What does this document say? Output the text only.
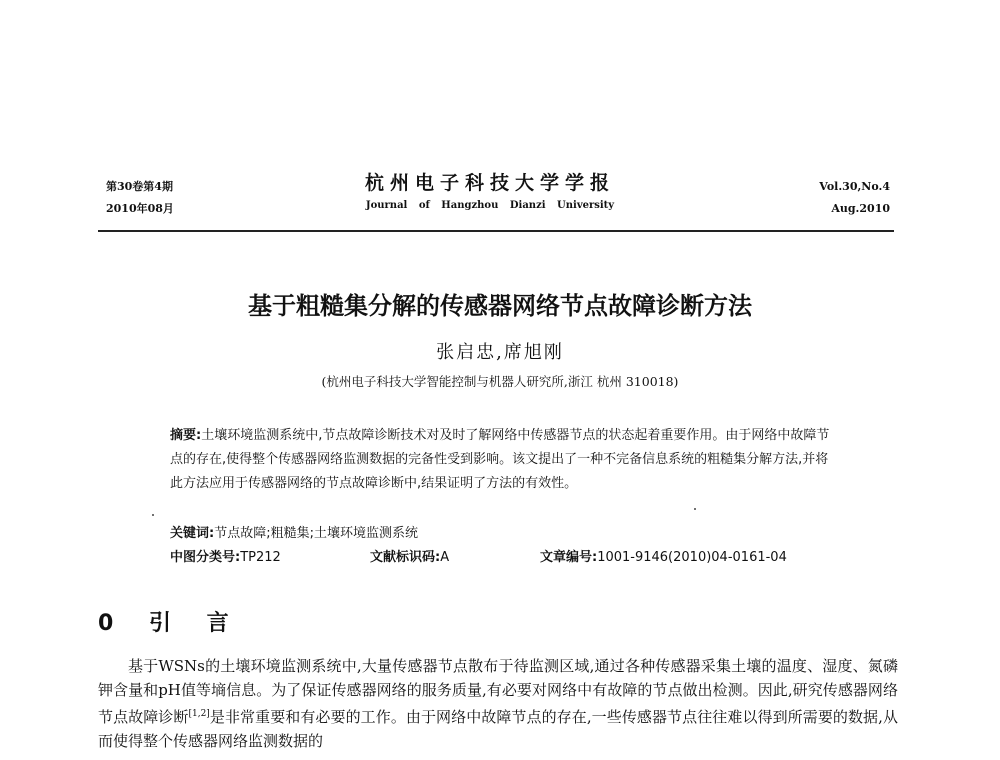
第30卷第4期
2010年08月
杭州电子科技大学学报
Journal of Hangzhou Dianzi University
Vol.30,No.4
Aug.2010
基于粗糙集分解的传感器网络节点故障诊断方法
张启忠,席旭刚
(杭州电子科技大学智能控制与机器人研究所,浙江 杭州 310018)

摘要:土壤环境监测系统中,节点故障诊断技术对及时了解网络中传感器节点的状态起着重要作用。由于网络中故障节点的存在,使得整个传感器网络监测数据的完备性受到影响。该文提出了一种不完备信息系统的粗糙集分解方法,并将此方法应用于传感器网络的节点故障诊断中,结果证明了方法的有效性。

关键词:节点故障;粗糙集;土壤环境监测系统
中图分类号:TP212	文献标识码:A	文章编号:1001-9146(2010)04-0161-04
0 引 言

基于WSNs的土壤环境监测系统中,大量传感器节点散布于待监测区域,通过各种传感器采集土壤的温度、湿度、氮磷钾含量和pH值等墒信息。为了保证传感器网络的服务质量,有必要对网络中有故障的节点做出检测。因此,研究传感器网络节点故障诊断[1,2]是非常重要和有必要的工作。由于网络中故障节点的存在,一些传感器节点往往难以得到所需要的数据,从而使得整个传感器网络监测数据的
